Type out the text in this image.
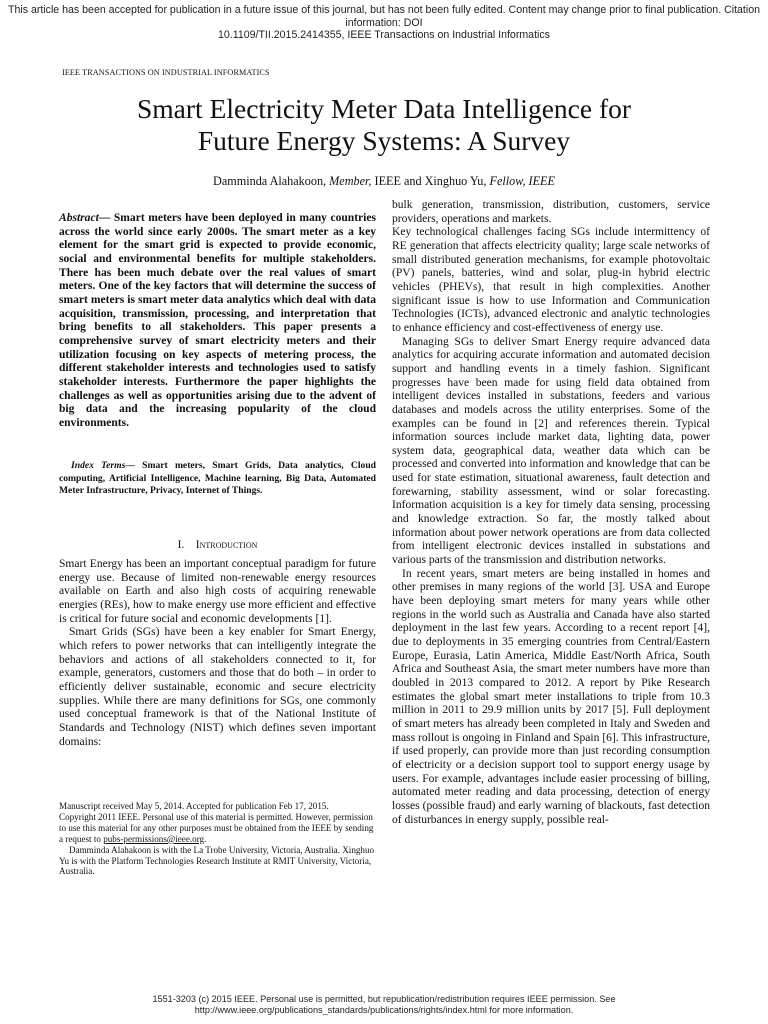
This article has been accepted for publication in a future issue of this journal, but has not been fully edited. Content may change prior to final publication. Citation information: DOI
10.1109/TII.2015.2414355, IEEE Transactions on Industrial Informatics
IEEE TRANSACTIONS ON INDUSTRIAL INFORMATICS
Smart Electricity Meter Data Intelligence for
Future Energy Systems: A Survey
Damminda Alahakoon, Member, IEEE and Xinghuo Yu, Fellow, IEEE
Abstract— Smart meters have been deployed in many countries across the world since early 2000s. The smart meter as a key element for the smart grid is expected to provide economic, social and environmental benefits for multiple stakeholders. There has been much debate over the real values of smart meters. One of the key factors that will determine the success of smart meters is smart meter data analytics which deal with data acquisition, transmission, processing, and interpretation that bring benefits to all stakeholders. This paper presents a comprehensive survey of smart electricity meters and their utilization focusing on key aspects of metering process, the different stakeholder interests and technologies used to satisfy stakeholder interests. Furthermore the paper highlights the challenges as well as opportunities arising due to the advent of big data and the increasing popularity of the cloud environments.
Index Terms— Smart meters, Smart Grids, Data analytics, Cloud computing, Artificial Intelligence, Machine learning, Big Data, Automated Meter Infrastructure, Privacy, Internet of Things.
I. Introduction

Smart Energy has been an important conceptual paradigm for future energy use. Because of limited non-renewable energy resources available on Earth and also high costs of acquiring renewable energies (REs), how to make energy use more efficient and effective is critical for future social and economic developments [1].

Smart Grids (SGs) have been a key enabler for Smart Energy, which refers to power networks that can intelligently integrate the behaviors and actions of all stakeholders connected to it, for example, generators, customers and those that do both – in order to efficiently deliver sustainable, economic and secure electricity supplies. While there are many definitions for SGs, one commonly used conceptual framework is that of the National Institute of Standards and Technology (NIST) which defines seven important domains:

Manuscript received May 5, 2014. Accepted for publication Feb 17, 2015.

Copyright 2011 IEEE. Personal use of this material is permitted. However, permission to use this material for any other purposes must be obtained from the IEEE by sending a request to pubs-permissions@ieee.org.

Damminda Alahakoon is with the La Trobe University, Victoria, Australia. Xinghuo Yu is with the Platform Technologies Research Institute at RMIT University, Victoria, Australia.

bulk generation, transmission, distribution, customers, service providers, operations and markets.

Key technological challenges facing SGs include intermittency of RE generation that affects electricity quality; large scale networks of small distributed generation mechanisms, for example photovoltaic (PV) panels, batteries, wind and solar, plug-in hybrid electric vehicles (PHEVs), that result in high complexities. Another significant issue is how to use Information and Communication Technologies (ICTs), advanced electronic and analytic technologies to enhance efficiency and cost-effectiveness of energy use.

Managing SGs to deliver Smart Energy require advanced data analytics for acquiring accurate information and automated decision support and handling events in a timely fashion. Significant progresses have been made for using field data obtained from intelligent devices installed in substations, feeders and various databases and models across the utility enterprises. Some of the examples can be found in [2] and references therein. Typical information sources include market data, lighting data, power system data, geographical data, weather data which can be processed and converted into information and knowledge that can be used for state estimation, situational awareness, fault detection and forewarning, stability assessment, wind or solar forecasting. Information acquisition is a key for timely data sensing, processing and knowledge extraction. So far, the mostly talked about information about power network operations are from data collected from intelligent electronic devices installed in substations and various parts of the transmission and distribution networks.

In recent years, smart meters are being installed in homes and other premises in many regions of the world [3]. USA and Europe have been deploying smart meters for many years while other regions in the world such as Australia and Canada have also started deployment in the last few years. According to a recent report [4], due to deployments in 35 emerging countries from Central/Eastern Europe, Eurasia, Latin America, Middle East/North Africa, South Africa and Southeast Asia, the smart meter numbers have more than doubled in 2013 compared to 2012. A report by Pike Research estimates the global smart meter installations to triple from 10.3 million in 2011 to 29.9 million units by 2017 [5]. Full deployment of smart meters has already been completed in Italy and Sweden and mass rollout is ongoing in Finland and Spain [6]. This infrastructure, if used properly, can provide more than just recording consumption of electricity or a decision support tool to support energy usage by users. For example, advantages include easier processing of billing, automated meter reading and data processing, detection of energy losses (possible fraud) and early warning of blackouts, fast detection of disturbances in energy supply, possible real-

1551-3203 (c) 2015 IEEE. Personal use is permitted, but republication/redistribution requires IEEE permission. See
http://www.ieee.org/publications_standards/publications/rights/index.html for more information.
